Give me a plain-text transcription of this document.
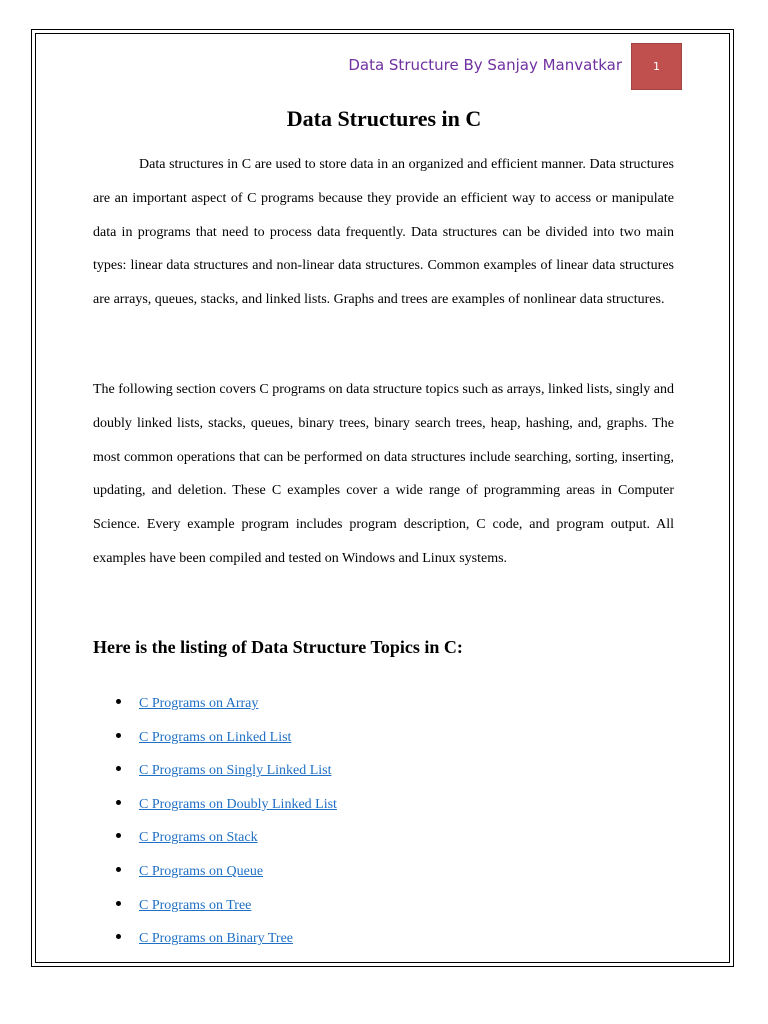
Data Structure By Sanjay Manvatkar	1
Data Structures in C

Data structures in C are used to store data in an organized and efficient manner. Data structures are an important aspect of C programs because they provide an efficient way to access or manipulate data in programs that need to process data frequently. Data structures can be divided into two main types: linear data structures and non-linear data structures. Common examples of linear data structures are arrays, queues, stacks, and linked lists. Graphs and trees are examples of nonlinear data structures.

The following section covers C programs on data structure topics such as arrays, linked lists, singly and doubly linked lists, stacks, queues, binary trees, binary search trees, heap, hashing, and, graphs. The most common operations that can be performed on data structures include searching, sorting, inserting, updating, and deletion. These C examples cover a wide range of programming areas in Computer Science. Every example program includes program description, C code, and program output. All examples have been compiled and tested on Windows and Linux systems.

Here is the listing of Data Structure Topics in C:
C Programs on Array
C Programs on Linked List
C Programs on Singly Linked List
C Programs on Doubly Linked List
C Programs on Stack
C Programs on Queue
C Programs on Tree
C Programs on Binary Tree
